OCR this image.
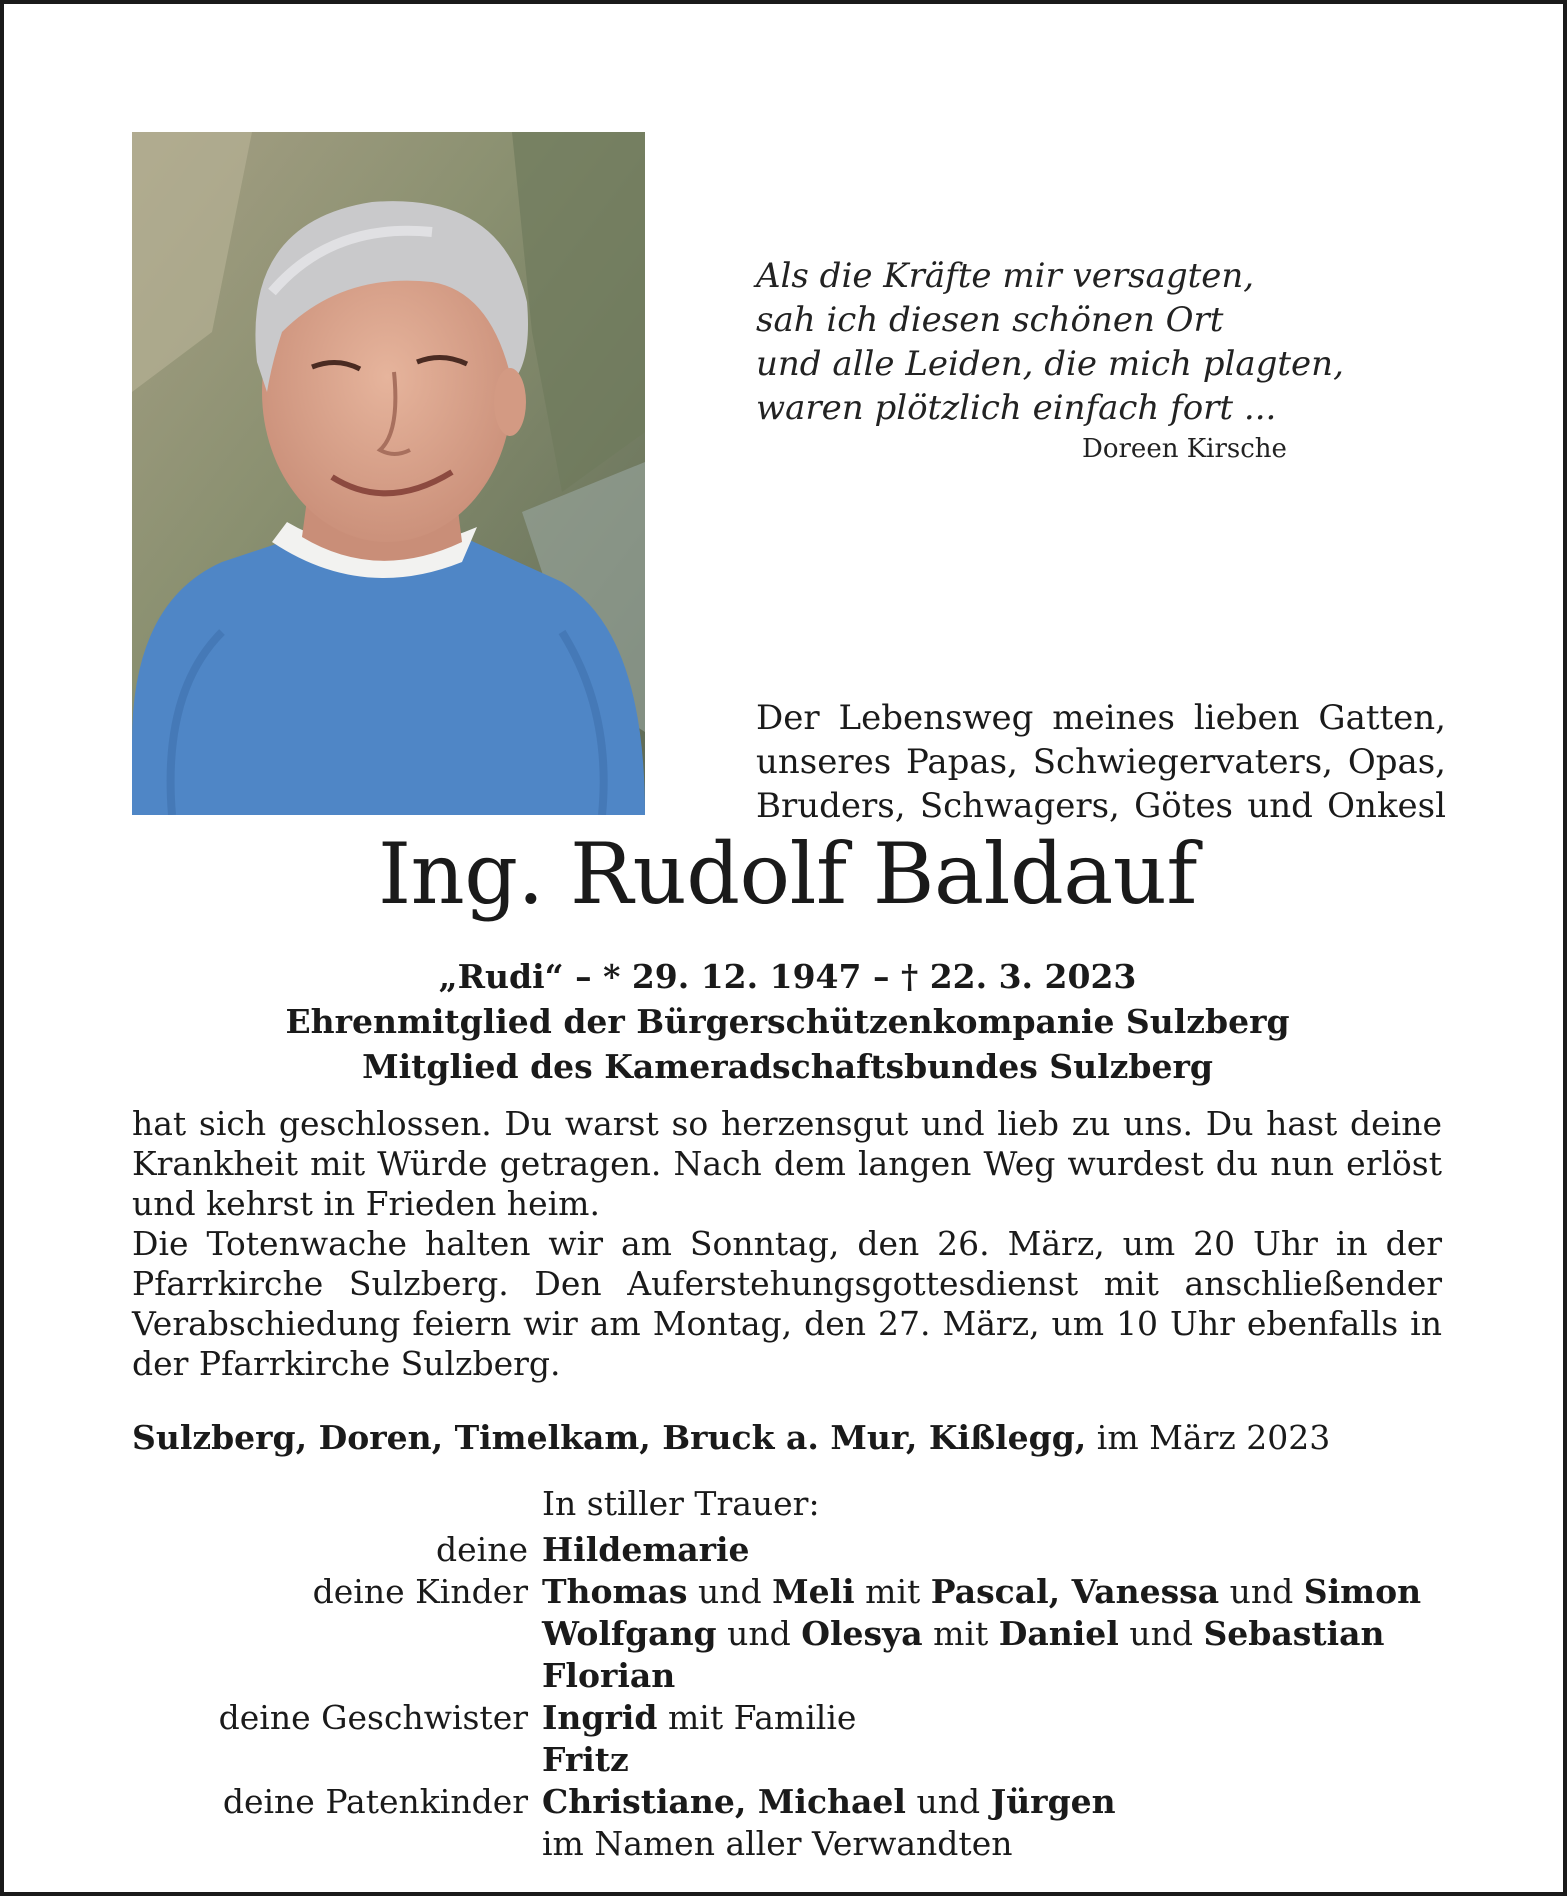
Als die Kräfte mir versagten,
sah ich diesen schönen Ort
und alle Leiden, die mich plagten,
waren plötzlich einfach fort ...
Doreen Kirsche
Der Lebensweg meines lieben Gatten,
unseres Papas, Schwiegervaters, Opas,
Bruders, Schwagers, Götes und Onkesl
Ing. Rudolf Baldauf
„Rudi“ – * 29. 12. 1947 – † 22. 3. 2023
Ehrenmitglied der Bürgerschützenkompanie Sulzberg
Mitglied des Kameradschaftsbundes Sulzberg

hat sich geschlossen. Du warst so herzensgut und lieb zu uns. Du hast deine Krankheit mit Würde getragen. Nach dem langen Weg wurdest du nun erlöst und kehrst in Frieden heim.

Die Totenwache halten wir am Sonntag, den 26. März, um 20 Uhr in der Pfarrkirche Sulzberg. Den Auferstehungsgottesdienst mit anschließender Verabschiedung feiern wir am Montag, den 27. März, um 10 Uhr ebenfalls in der Pfarrkirche Sulzberg.

Sulzberg, Doren, Timelkam, Bruck a. Mur, Kißlegg, im März 2023
In stiller Trauer:
deine Hildemarie
deine Kinder Thomas und Meli mit Pascal, Vanessa und Simon
Wolfgang und Olesya mit Daniel und Sebastian
Florian
deine Geschwister Ingrid mit Familie
Fritz
deine Patenkinder Christiane, Michael und Jürgen
im Namen aller Verwandten
